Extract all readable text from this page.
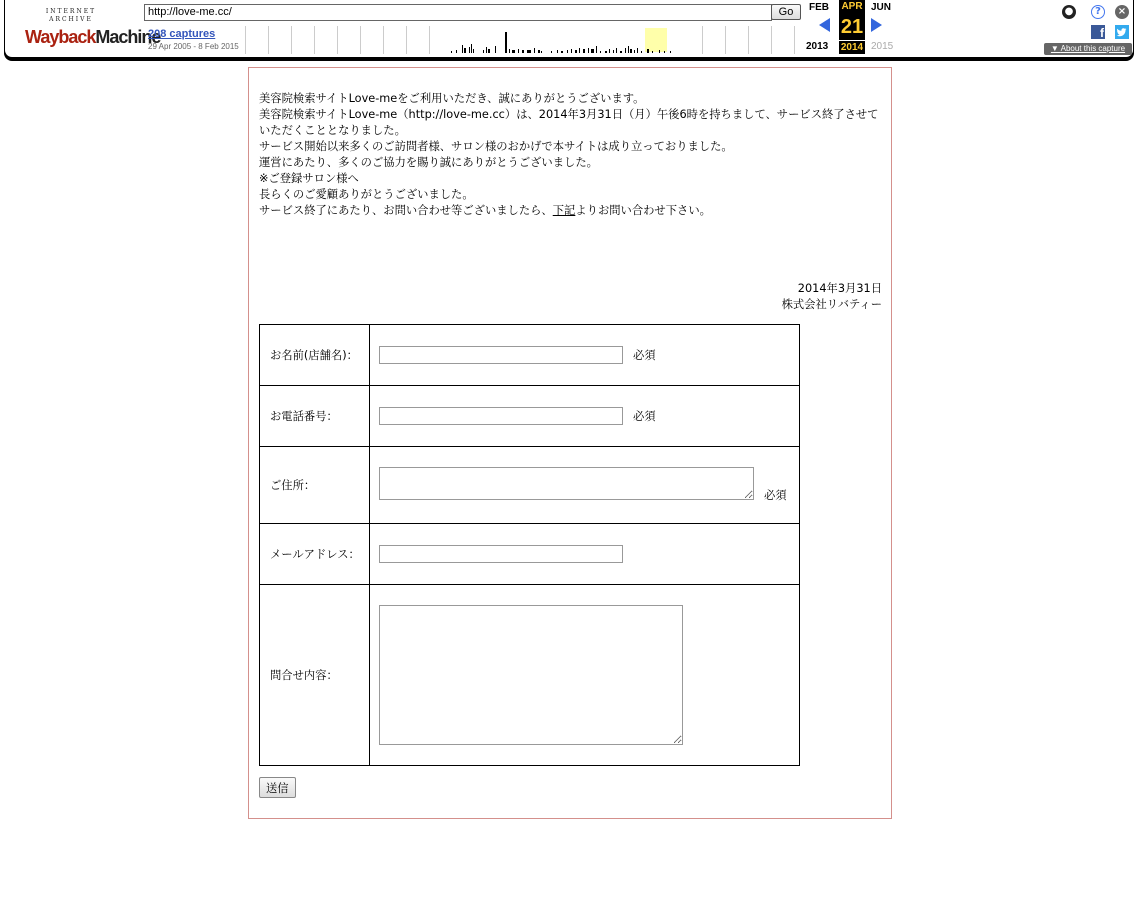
INTERNET ARCHIVE
WaybackMachine
http://love-me.cc/	Go
208 captures
29 Apr 2005 - 8 Feb 2015
FEB APR JUN
21
2013 2014 2015
●	?	×
f
▼ About this capture

美容院検索サイトLove-meをご利用いただき、誠にありがとうございます。

美容院検索サイトLove-me（http://love-me.cc）は、2014年3月31日（月）午後6時を持ちまして、サービス終了させていただくこととなりました。

サービス開始以来多くのご訪問者様、サロン様のおかげで本サイトは成り立っておりました。

運営にあたり、多くのご協力を賜り誠にありがとうございました。

※ご登録サロン様へ

長らくのご愛顧ありがとうございました。

サービス終了にあたり、お問い合わせ等ございましたら、下記よりお問い合わせ下さい。

2014年3月31日
株式会社リバティー
お名前(店舗名)：	必須
お電話番号：	必須
ご住所：	必須
メールアドレス：	
問合せ内容：	
送信
